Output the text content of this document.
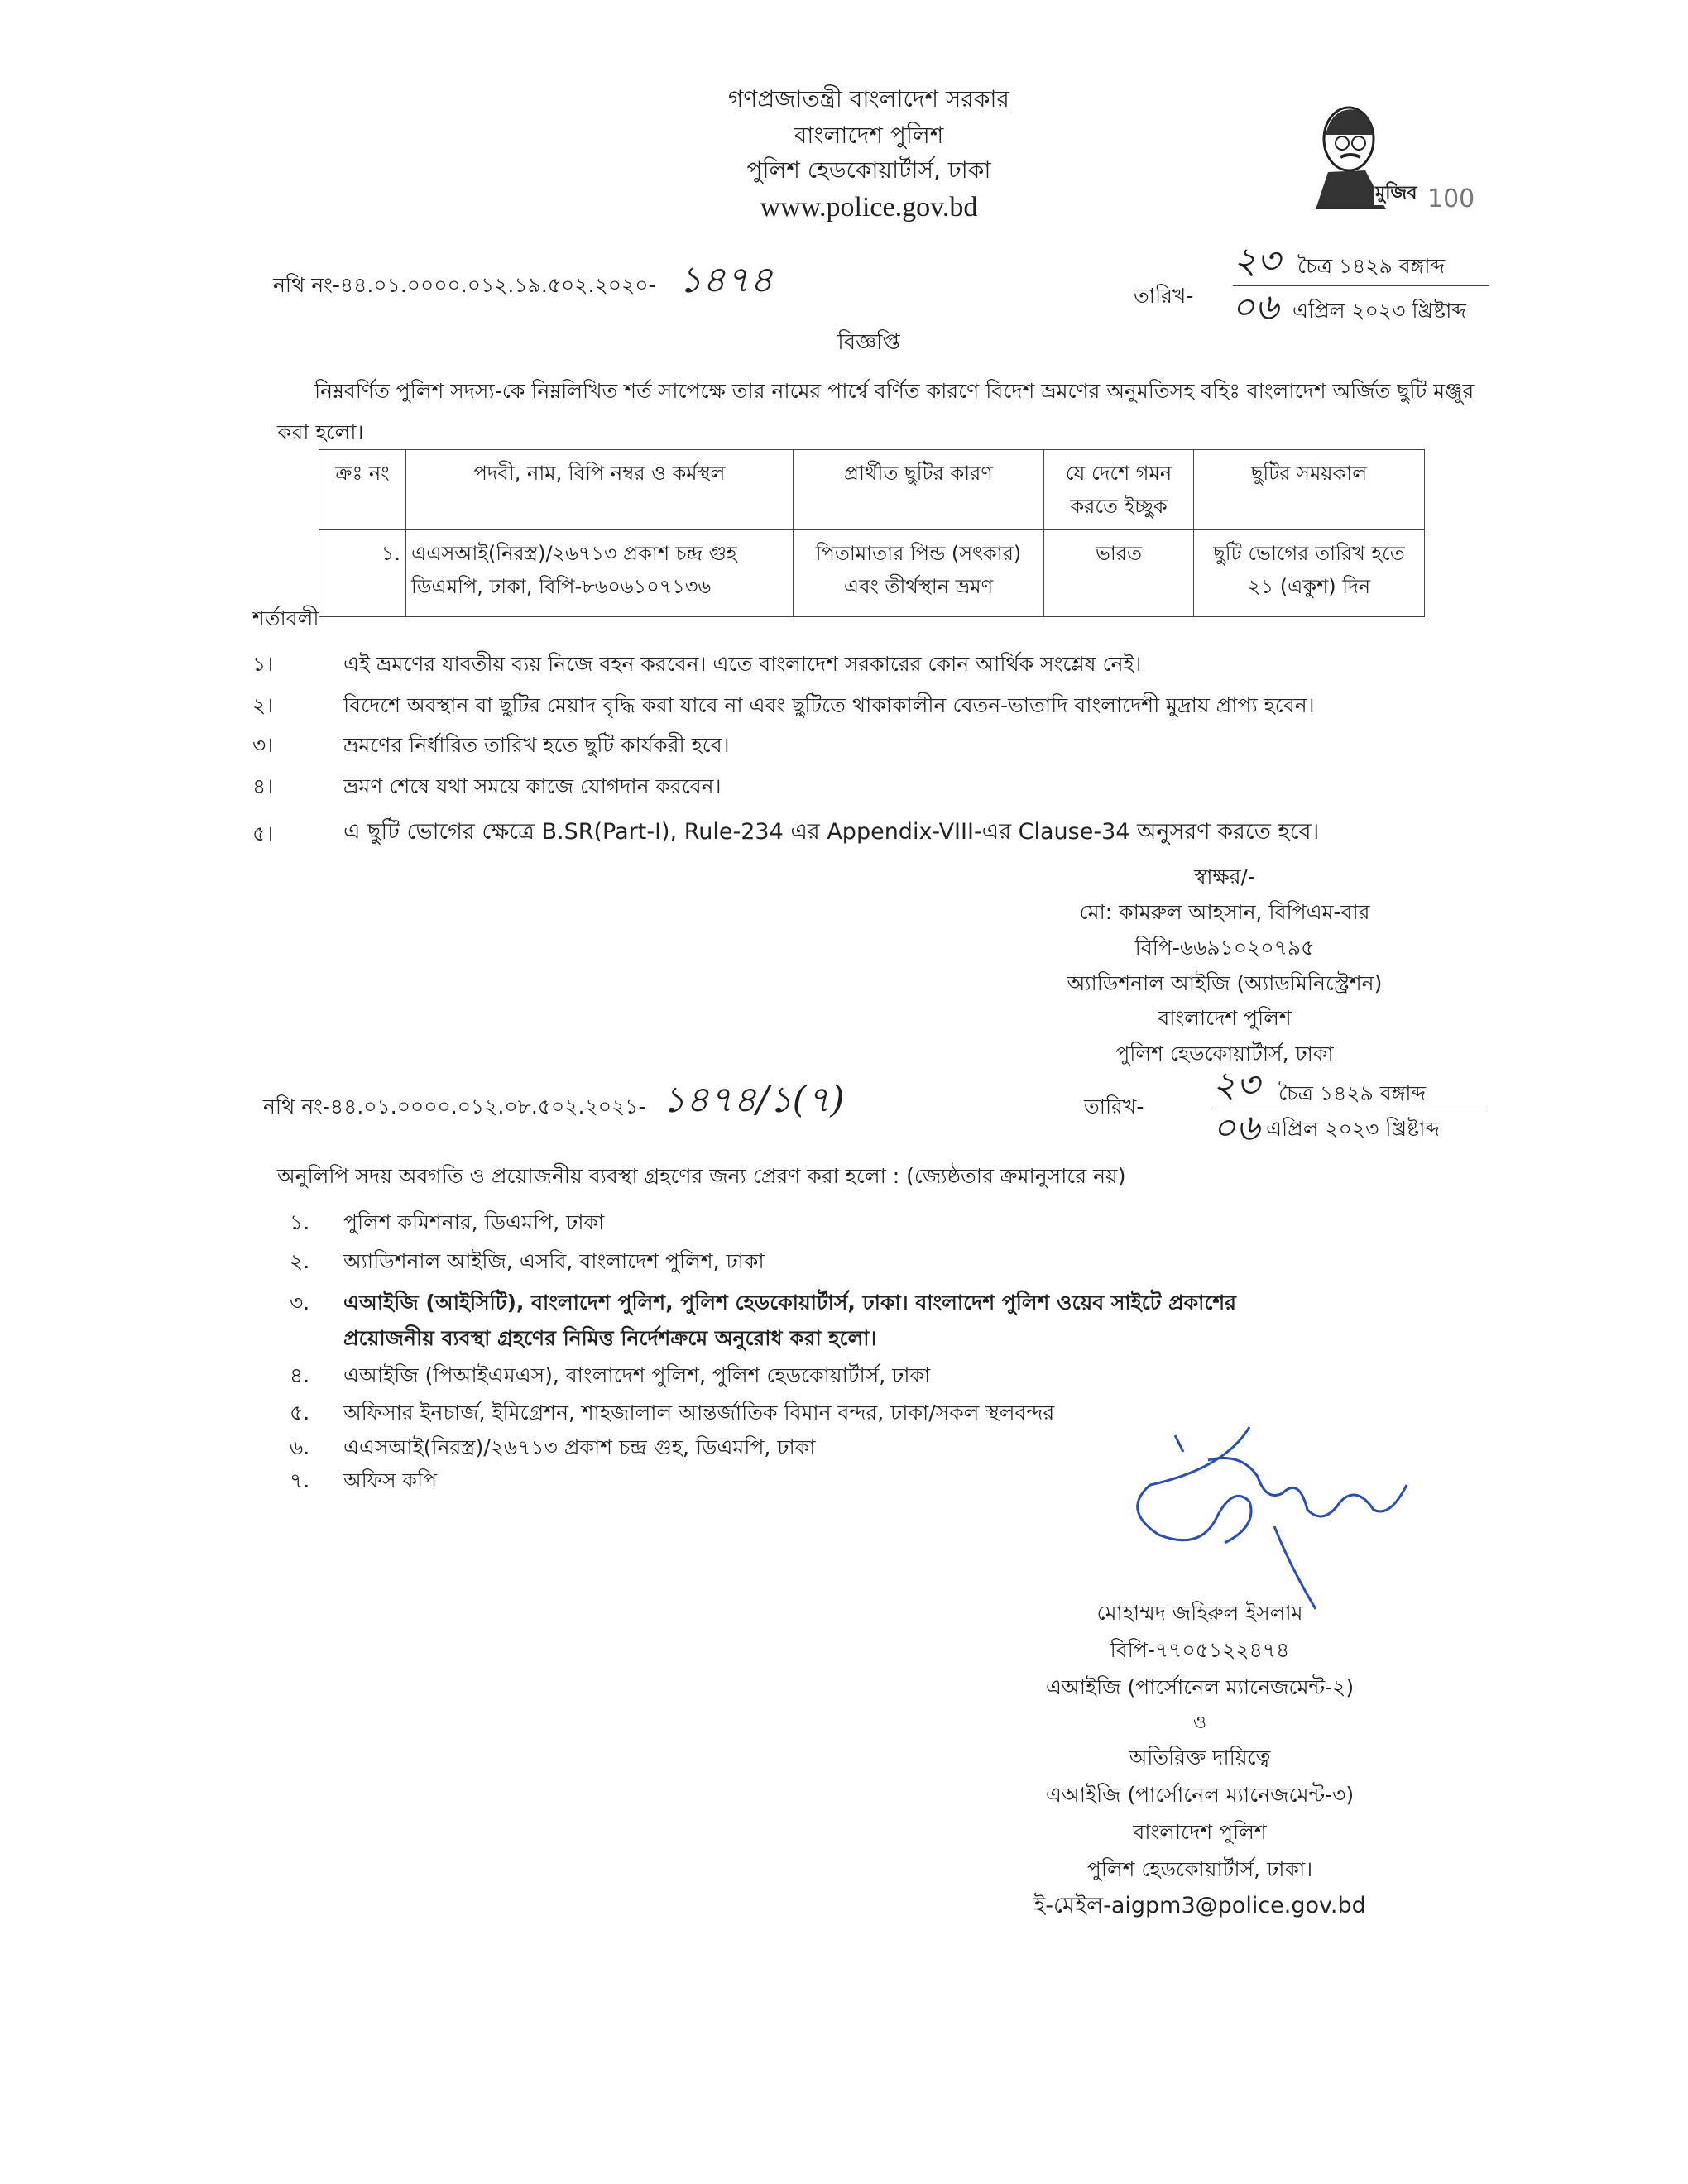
গণপ্রজাতন্ত্রী বাংলাদেশ সরকার
বাংলাদেশ পুলিশ
পুলিশ হেডকোয়ার্টার্স, ঢাকা
www.police.gov.bd	মুজিব 100
নথি নং-৪৪.০১.০০০০.০১২.১৯.৫০২.২০২০- ১৪৭৪	তারিখ-
২৩ চৈত্র ১৪২৯ বঙ্গাব্দ
০৬ এপ্রিল ২০২৩ খ্রিষ্টাব্দ
বিজ্ঞপ্তি
নিম্নবর্ণিত পুলিশ সদস্য-কে নিম্নলিখিত শর্ত সাপেক্ষে তার নামের পার্শ্বে বর্ণিত কারণে বিদেশ ভ্রমণের অনুমতিসহ বহিঃ বাংলাদেশ অর্জিত ছুটি মঞ্জুর করা হলো।
ক্রঃ নং	পদবী, নাম, বিপি নম্বর ও কর্মস্থল	প্রার্থীত ছুটির কারণ	যে দেশে গমন করতে ইচ্ছুক	ছুটির সময়কাল
১.	এএসআই(নিরস্ত্র)/২৬৭১৩ প্রকাশ চন্দ্র গুহ ডিএমপি, ঢাকা, বিপি-৮৬০৬১০৭১৩৬	পিতামাতার পিন্ড (সৎকার) এবং তীর্থস্থান ভ্রমণ	ভারত	ছুটি ভোগের তারিখ হতে ২১ (একুশ) দিন
শর্তাবলী
১।	এই ভ্রমণের যাবতীয় ব্যয় নিজে বহন করবেন। এতে বাংলাদেশ সরকারের কোন আর্থিক সংশ্লেষ নেই।
২।	বিদেশে অবস্থান বা ছুটির মেয়াদ বৃদ্ধি করা যাবে না এবং ছুটিতে থাকাকালীন বেতন-ভাতাদি বাংলাদেশী মুদ্রায় প্রাপ্য হবেন।
৩।	ভ্রমণের নির্ধারিত তারিখ হতে ছুটি কার্যকরী হবে।
৪।	ভ্রমণ শেষে যথা সময়ে কাজে যোগদান করবেন।
৫।	এ ছুটি ভোগের ক্ষেত্রে B.SR(Part-I), Rule-234 এর Appendix-VIII-এর Clause-34 অনুসরণ করতে হবে।
স্বাক্ষর/-
মো: কামরুল আহসান, বিপিএম-বার
বিপি-৬৬৯১০২০৭৯৫
অ্যাডিশনাল আইজি (অ্যাডমিনিস্ট্রেশন)
বাংলাদেশ পুলিশ
পুলিশ হেডকোয়ার্টার্স, ঢাকা
নথি নং-৪৪.০১.০০০০.০১২.০৮.৫০২.২০২১- ১৪৭৪/১(৭)	তারিখ-
২৩ চৈত্র ১৪২৯ বঙ্গাব্দ
০৬ এপ্রিল ২০২৩ খ্রিষ্টাব্দ
অনুলিপি সদয় অবগতি ও প্রয়োজনীয় ব্যবস্থা গ্রহণের জন্য প্রেরণ করা হলো : (জ্যেষ্ঠতার ক্রমানুসারে নয়)
১. পুলিশ কমিশনার, ডিএমপি, ঢাকা
২. অ্যাডিশনাল আইজি, এসবি, বাংলাদেশ পুলিশ, ঢাকা
৩. এআইজি (আইসিটি), বাংলাদেশ পুলিশ, পুলিশ হেডকোয়ার্টার্স, ঢাকা। বাংলাদেশ পুলিশ ওয়েব সাইটে প্রকাশের
প্রয়োজনীয় ব্যবস্থা গ্রহণের নিমিত্ত নির্দেশক্রমে অনুরোধ করা হলো।
৪. এআইজি (পিআইএমএস), বাংলাদেশ পুলিশ, পুলিশ হেডকোয়ার্টার্স, ঢাকা
৫. অফিসার ইনচার্জ, ইমিগ্রেশন, শাহজালাল আন্তর্জাতিক বিমান বন্দর, ঢাকা/সকল স্থলবন্দর
৬. এএসআই(নিরস্ত্র)/২৬৭১৩ প্রকাশ চন্দ্র গুহ, ডিএমপি, ঢাকা
৭. অফিস কপি
মোহাম্মদ জহিরুল ইসলাম
বিপি-৭৭০৫১২২৪৭৪
এআইজি (পার্সোনেল ম্যানেজমেন্ট-২)
ও
অতিরিক্ত দায়িত্বে
এআইজি (পার্সোনেল ম্যানেজমেন্ট-৩)
বাংলাদেশ পুলিশ
পুলিশ হেডকোয়ার্টার্স, ঢাকা।
ই-মেইল-aigpm3@police.gov.bd
